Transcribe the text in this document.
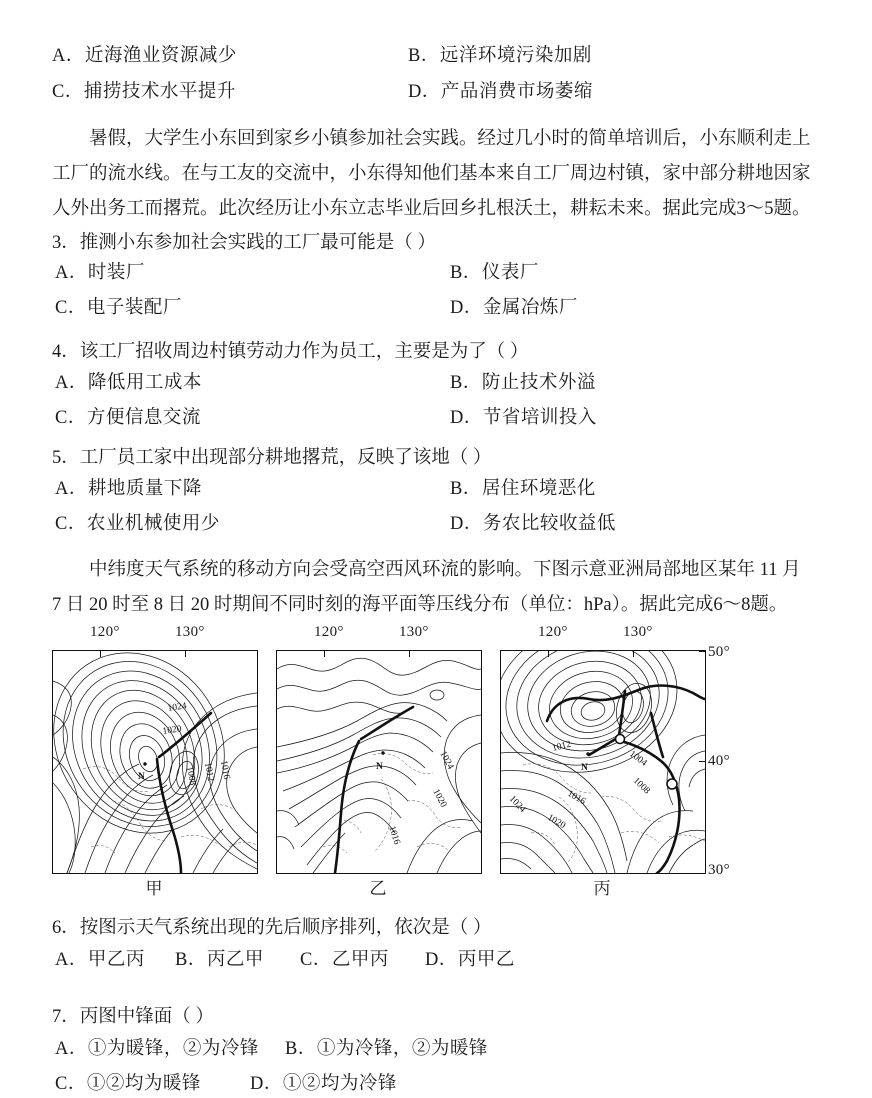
A．近海渔业资源减少	B．远洋环境污染加剧
C．捕捞技术水平提升	D．产品消费市场萎缩
暑假，大学生小东回到家乡小镇参加社会实践。经过几小时的简单培训后，小东顺利走上
工厂的流水线。在与工友的交流中，小东得知他们基本来自工厂周边村镇，家中部分耕地因家
人外出务工而撂荒。此次经历让小东立志毕业后回乡扎根沃土，耕耘未来。据此完成3～5题。
3．推测小东参加社会实践的工厂最可能是（ ）
A．时装厂	B．仪表厂
C．电子装配厂	D．金属冶炼厂
4．该工厂招收周边村镇劳动力作为员工，主要是为了（ ）
A．降低用工成本	B．防止技术外溢
C．方便信息交流	D．节省培训投入
5．工厂员工家中出现部分耕地撂荒，反映了该地（ ）
A．耕地质量下降	B．居住环境恶化
C．农业机械使用少	D．务农比较收益低
中纬度天气系统的移动方向会受高空西风环流的影响。下图示意亚洲局部地区某年 11 月
7 日 20 时至 8 日 20 时期间不同时刻的海平面等压线分布（单位：hPa）。据此完成6～8题。
120°	130°	120°	130°	120°	130°
50°
40°
30°
N
1024
1020
1016
1012
1008
甲
N	1024
1020
1016
乙
N
1012
1004
1008
1016
1020
1024
丙
6．按图示天气系统出现的先后顺序排列，依次是（ ）
A．甲乙丙 B．丙乙甲 C．乙甲丙 D．丙甲乙
7．丙图中锋面（ ）
A．①为暖锋，②为冷锋 B．①为冷锋，②为暖锋
C．①②均为暖锋	D．①②均为冷锋
